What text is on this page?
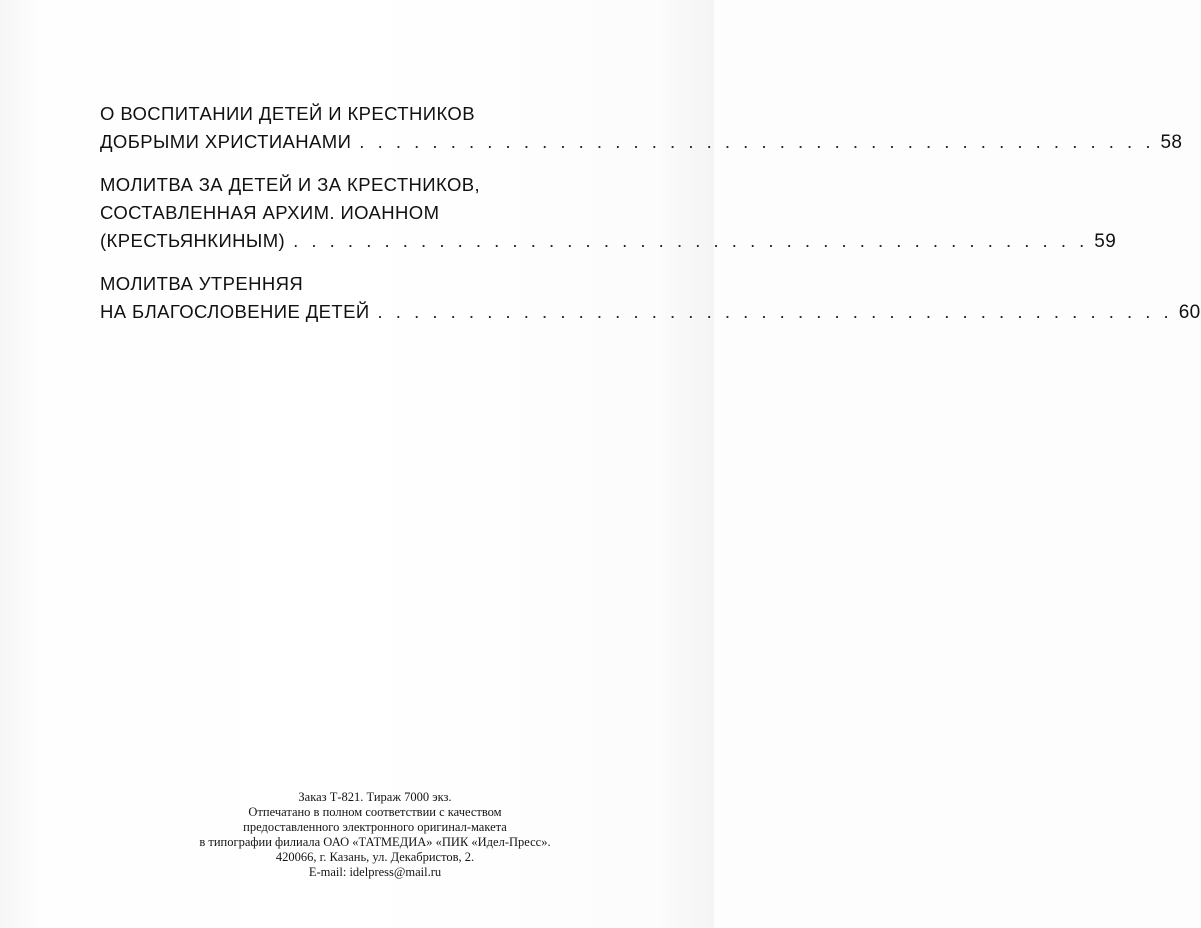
О ВОСПИТАНИИ ДЕТЕЙ И КРЕСТНИКОВ
ДОБРЫМИ ХРИСТИАНАМИ . . . . . . . . . . . . . . . . . . . . . . . . . . . . . . . . . . . . . . . . . . . . 58
МОЛИТВА ЗА ДЕТЕЙ И ЗА КРЕСТНИКОВ,
СОСТАВЛЕННАЯ АРХИМ. ИОАННОМ
(КРЕСТЬЯНКИНЫМ) . . . . . . . . . . . . . . . . . . . . . . . . . . . . . . . . . . . . . . . . . . . . 59
МОЛИТВА УТРЕННЯЯ
НА БЛАГОСЛОВЕНИЕ ДЕТЕЙ . . . . . . . . . . . . . . . . . . . . . . . . . . . . . . . . . . . . . . . . . . . . 60
Заказ Т-821. Тираж 7000 экз.
Отпечатано в полном соответствии с качеством
предоставленного электронного оригинал-макета
в типографии филиала ОАО «ТАТМЕДИА» «ПИК «Идел-Пресс».
420066, г. Казань, ул. Декабристов, 2.
E-mail: idelpress@mail.ru
